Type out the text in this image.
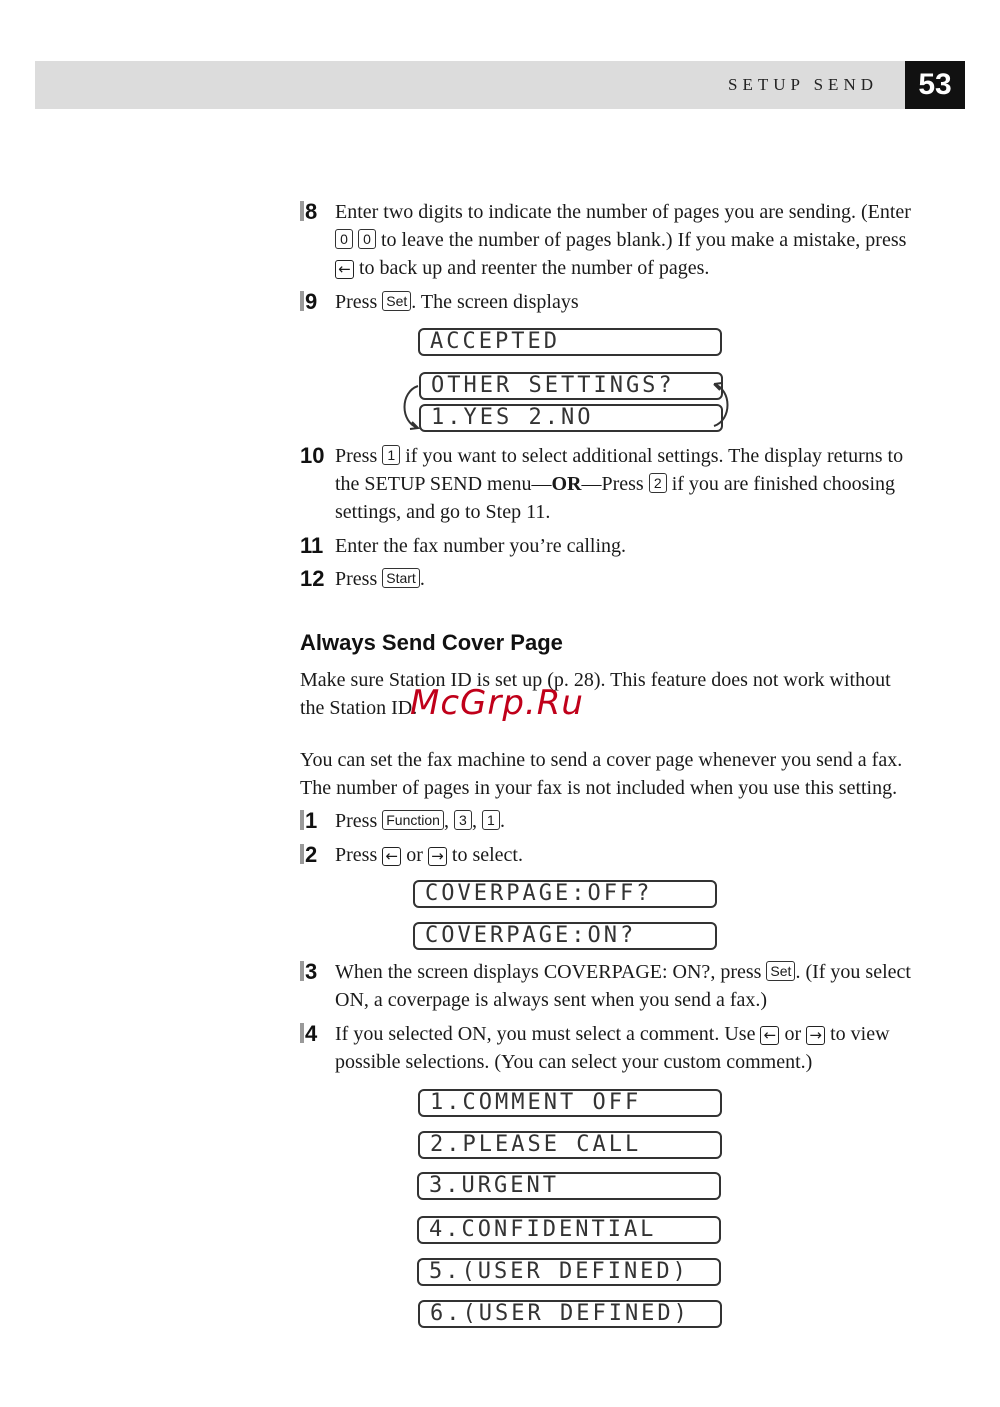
SETUP SEND	53
8 Enter two digits to indicate the number of pages you are sending. (Enter 0 0 to leave the number of pages blank.) If you make a mistake, press ← to back up and reenter the number of pages.
9 Press Set . The screen displays
ACCEPTED
OTHER SETTINGS?
1.YES 2.NO
10 Press 1 if you want to select additional settings. The display returns to the SETUP SEND menu—OR—Press 2 if you are finished choosing settings, and go to Step 11.
11 Enter the fax number you’re calling.
12 Press Start .
Always Send Cover Page
Make sure Station ID is set up (p. 28). This feature does not work without the Station ID.
McGrp.Ru
You can set the fax machine to send a cover page whenever you send a fax. The number of pages in your fax is not included when you use this setting.
1 Press Function , 3 , 1 .
2 Press ← or → to select.
COVERPAGE:OFF?
COVERPAGE:ON?
3 When the screen displays COVERPAGE: ON?, press Set . (If you select ON, a coverpage is always sent when you send a fax.)
4 If you selected ON, you must select a comment. Use ← or → to view possible selections. (You can select your custom comment.)
1.COMMENT OFF
2.PLEASE CALL
3.URGENT
4.CONFIDENTIAL
5.(USER DEFINED)
6.(USER DEFINED)
